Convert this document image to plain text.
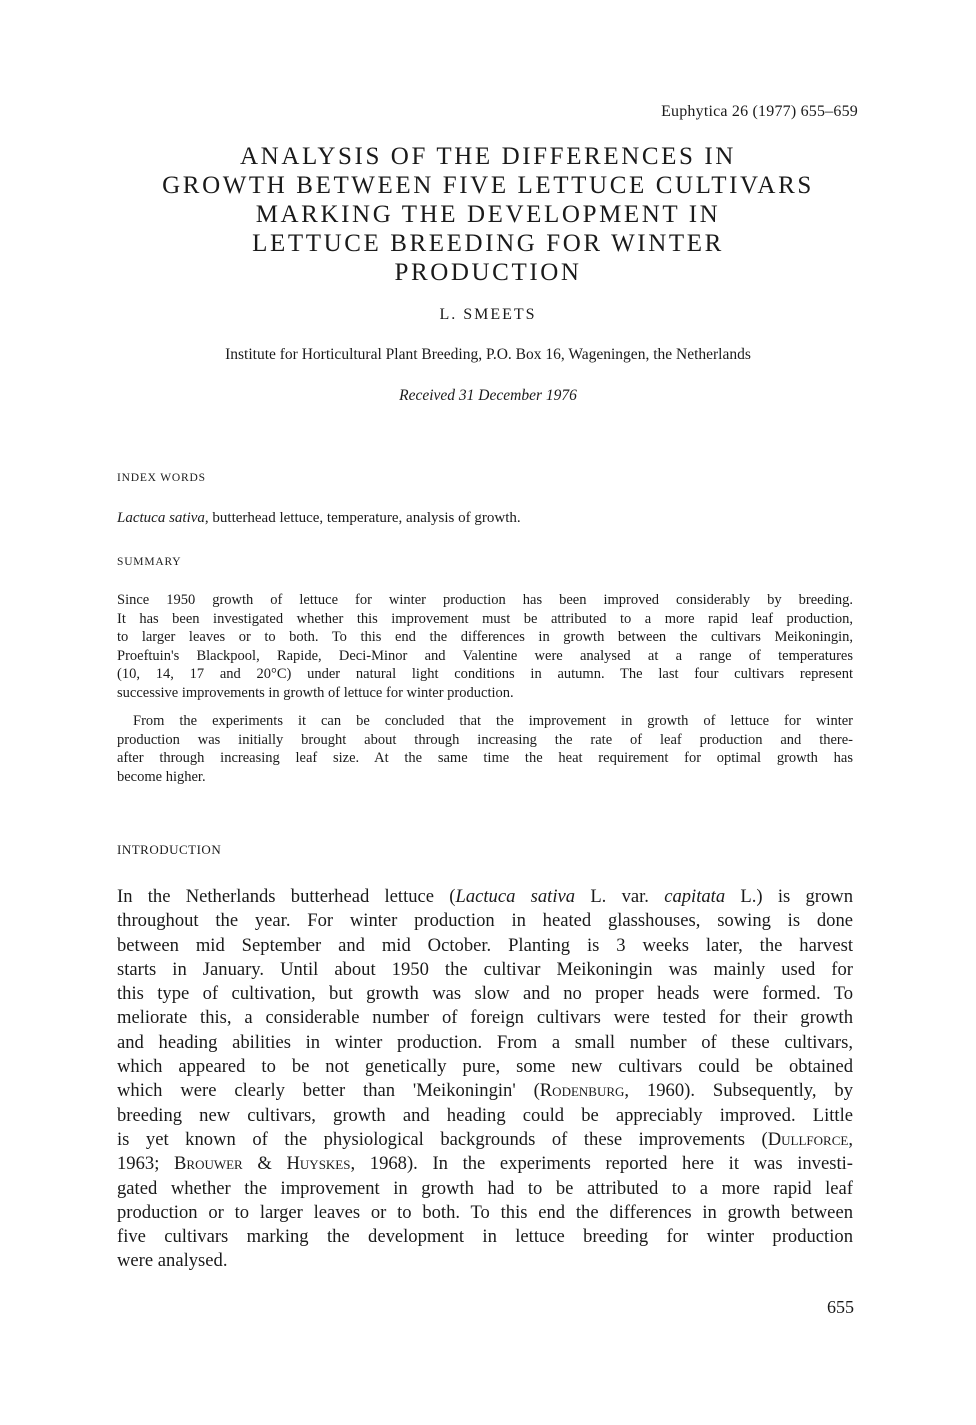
Euphytica 26 (1977) 655–659
ANALYSIS OF THE DIFFERENCES IN
GROWTH BETWEEN FIVE LETTUCE CULTIVARS
MARKING THE DEVELOPMENT IN
LETTUCE BREEDING FOR WINTER
PRODUCTION
L. SMEETS
Institute for Horticultural Plant Breeding, P.O. Box 16, Wageningen, the Netherlands
Received 31 December 1976
INDEX WORDS
Lactuca sativa, butterhead lettuce, temperature, analysis of growth.
SUMMARY
Since 1950 growth of lettuce for winter production has been improved considerably by breeding.
It has been investigated whether this improvement must be attributed to a more rapid leaf production,
to larger leaves or to both. To this end the differences in growth between the cultivars Meikoningin,
Proeftuin's Blackpool, Rapide, Deci-Minor and Valentine were analysed at a range of temperatures
(10, 14, 17 and 20°C) under natural light conditions in autumn. The last four cultivars represent
successive improvements in growth of lettuce for winter production.
From the experiments it can be concluded that the improvement in growth of lettuce for winter
production was initially brought about through increasing the rate of leaf production and there-
after through increasing leaf size. At the same time the heat requirement for optimal growth has
become higher.
INTRODUCTION
In the Netherlands butterhead lettuce (Lactuca sativa L. var. capitata L.) is grown
throughout the year. For winter production in heated glasshouses, sowing is done
between mid September and mid October. Planting is 3 weeks later, the harvest
starts in January. Until about 1950 the cultivar Meikoningin was mainly used for
this type of cultivation, but growth was slow and no proper heads were formed. To
meliorate this, a considerable number of foreign cultivars were tested for their growth
and heading abilities in winter production. From a small number of these cultivars,
which appeared to be not genetically pure, some new cultivars could be obtained
which were clearly better than 'Meikoningin' (Rodenburg, 1960). Subsequently, by
breeding new cultivars, growth and heading could be appreciably improved. Little
is yet known of the physiological backgrounds of these improvements (Dullforce,
1963; Brouwer & Huyskes, 1968). In the experiments reported here it was investi-
gated whether the improvement in growth had to be attributed to a more rapid leaf
production or to larger leaves or to both. To this end the differences in growth between
five cultivars marking the development in lettuce breeding for winter production
were analysed.
655
